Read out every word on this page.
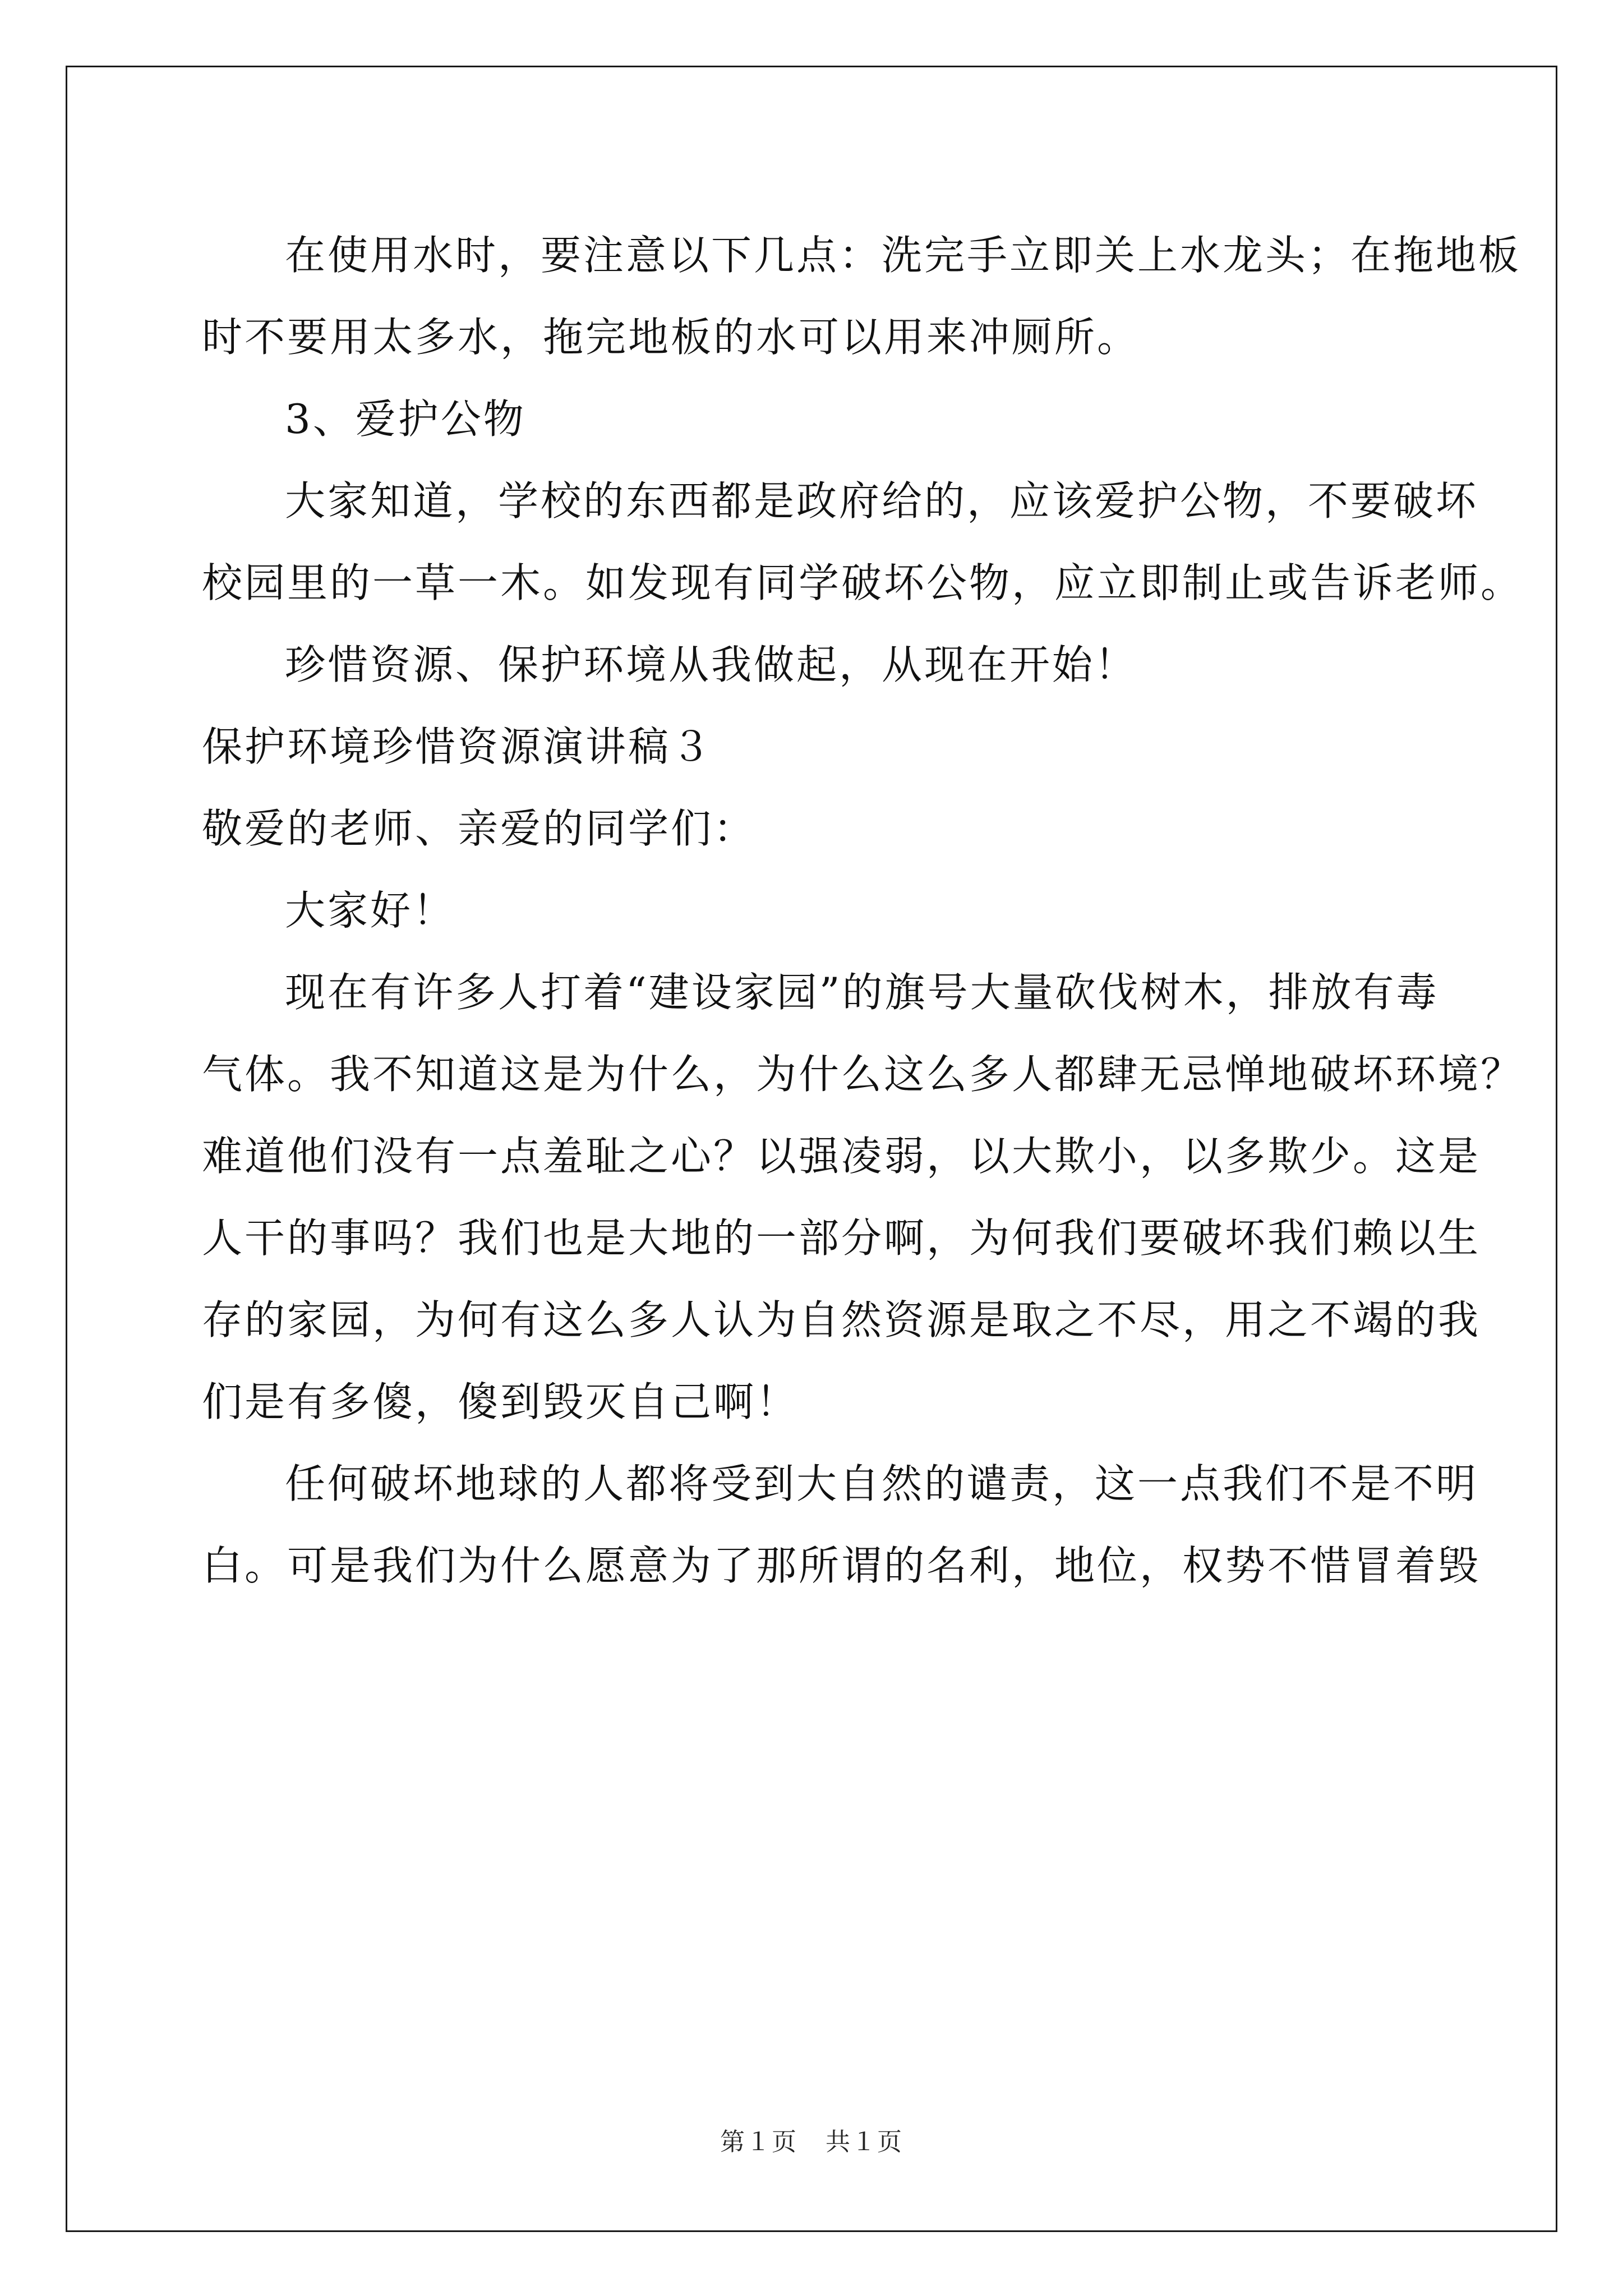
在使用水时，要注意以下几点：洗完手立即关上水龙头；在拖地板
时不要用太多水，拖完地板的水可以用来冲厕所。
3、爱护公物
大家知道，学校的东西都是政府给的，应该爱护公物，不要破坏
校园里的一草一木。如发现有同学破坏公物，应立即制止或告诉老师。
珍惜资源、保护环境从我做起，从现在开始！
保护环境珍惜资源演讲稿３
敬爱的老师、亲爱的同学们：
大家好！
现在有许多人打着“建设家园”的旗号大量砍伐树木，排放有毒
气体。我不知道这是为什么，为什么这么多人都肆无忌惮地破坏环境？
难道他们没有一点羞耻之心？以强凌弱，以大欺小，以多欺少。这是
人干的事吗？我们也是大地的一部分啊，为何我们要破坏我们赖以生
存的家园，为何有这么多人认为自然资源是取之不尽，用之不竭的我
们是有多傻，傻到毁灭自己啊！
任何破坏地球的人都将受到大自然的谴责，这一点我们不是不明
白。可是我们为什么愿意为了那所谓的名利，地位，权势不惜冒着毁
第１页 共１页
